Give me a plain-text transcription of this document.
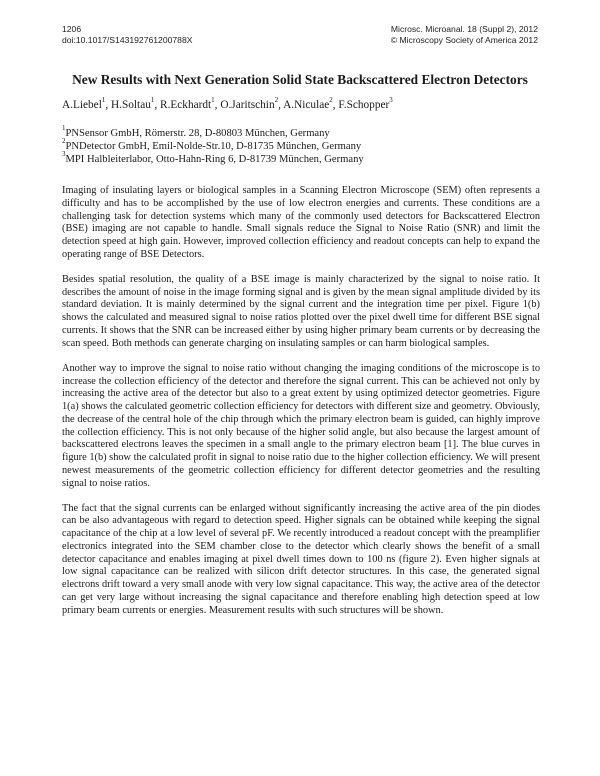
1206
doi:10.1017/S143192761200788X
Microsc. Microanal. 18 (Suppl 2), 2012
© Microscopy Society of America 2012
New Results with Next Generation Solid State Backscattered Electron Detectors
A.Liebel$^1$, H.Soltau$^1$, R.Eckhardt$^1$, O.Jaritschin$^2$, A.Niculae$^2$, F.Schopper$^3$
$^1$PNSensor GmbH, Römerstr. 28, D-80803 München, Germany
$^2$PNDetector GmbH, Emil-Nolde-Str.10, D-81735 München, Germany
$^3$MPI Halbleiterlabor, Otto-Hahn-Ring 6, D-81739 München, Germany

Imaging of insulating layers or biological samples in a Scanning Electron Microscope (SEM) often represents a difficulty and has to be accomplished by the use of low electron energies and currents. These conditions are a challenging task for detection systems which many of the commonly used detectors for Backscattered Electron (BSE) imaging are not capable to handle. Small signals reduce the Signal to Noise Ratio (SNR) and limit the detection speed at high gain. However, improved collection efficiency and readout concepts can help to expand the operating range of BSE Detectors.

Besides spatial resolution, the quality of a BSE image is mainly characterized by the signal to noise ratio. It describes the amount of noise in the image forming signal and is given by the mean signal amplitude divided by its standard deviation. It is mainly determined by the signal current and the integration time per pixel. Figure 1(b) shows the calculated and measured signal to noise ratios plotted over the pixel dwell time for different BSE signal currents. It shows that the SNR can be increased either by using higher primary beam currents or by decreasing the scan speed. Both methods can generate charging on insulating samples or can harm biological samples.

Another way to improve the signal to noise ratio without changing the imaging conditions of the microscope is to increase the collection efficiency of the detector and therefore the signal current. This can be achieved not only by increasing the active area of the detector but also to a great extent by using optimized detector geometries. Figure 1(a) shows the calculated geometric collection efficiency for detectors with different size and geometry. Obviously, the decrease of the central hole of the chip through which the primary electron beam is guided, can highly improve the collection efficiency. This is not only because of the higher solid angle, but also because the largest amount of backscattered electrons leaves the specimen in a small angle to the primary electron beam [1]. The blue curves in figure 1(b) show the calculated profit in signal to noise ratio due to the higher collection efficiency. We will present newest measurements of the geometric collection efficiency for different detector geometries and the resulting signal to noise ratios.

The fact that the signal currents can be enlarged without significantly increasing the active area of the pin diodes can be also advantageous with regard to detection speed. Higher signals can be obtained while keeping the signal capacitance of the chip at a low level of several pF. We recently introduced a readout concept with the preamplifier electronics integrated into the SEM chamber close to the detector which clearly shows the benefit of a small detector capacitance and enables imaging at pixel dwell times down to 100 ns (figure 2). Even higher signals at low signal capacitance can be realized with silicon drift detector structures. In this case, the generated signal electrons drift toward a very small anode with very low signal capacitance. This way, the active area of the detector can get very large without increasing the signal capacitance and therefore enabling high detection speed at low primary beam currents or energies. Measurement results with such structures will be shown.
